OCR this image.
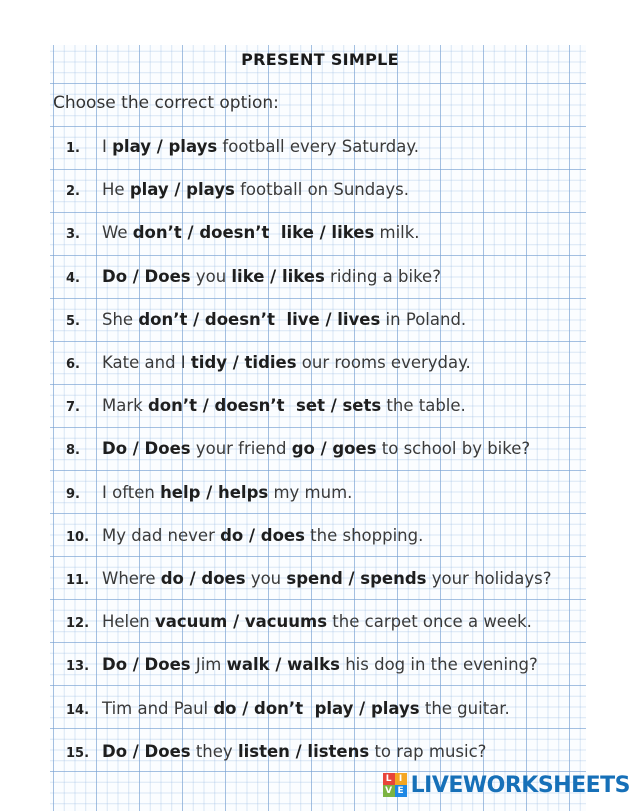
PRESENT SIMPLE
Choose the correct option:
1. I play / plays football every Saturday.
2. He play / plays football on Sundays.
3. We don’t / doesn’t  like / likes milk.
4. Do / Does you like / likes riding a bike?
5. She don’t / doesn’t  live / lives in Poland.
6. Kate and I tidy / tidies our rooms everyday.
7. Mark don’t / doesn’t  set / sets the table.
8. Do / Does your friend go / goes to school by bike?
9. I often help / helps my mum.
10. My dad never do / does the shopping.
11. Where do / does you spend / spends your holidays?
12. Helen vacuum / vacuums the carpet once a week.
13. Do / Does Jim walk / walks his dog in the evening?
14. Tim and Paul do / don’t  play / plays the guitar.
15. Do / Does they listen / listens to rap music?
L I
V E LIVEWORKSHEETS
